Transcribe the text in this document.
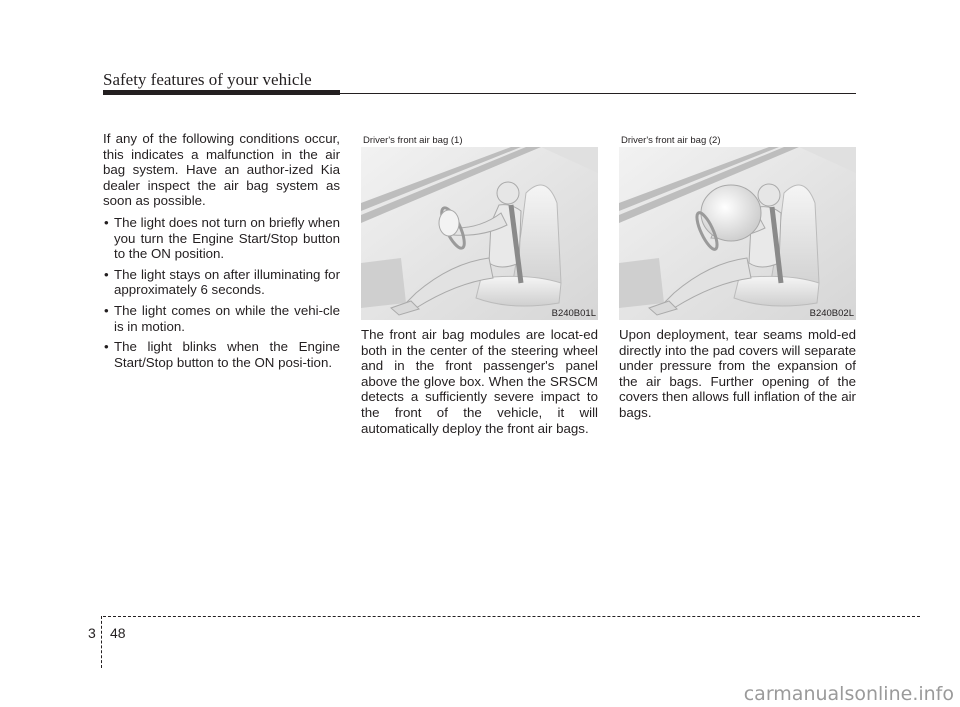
Safety features of your vehicle

If any of the following conditions occur, this indicates a malfunction in the air bag system. Have an author-ized Kia dealer inspect the air bag system as soon as possible.

• The light does not turn on briefly when you turn the Engine Start/Stop button to the ON position.
• The light stays on after illuminating for approximately 6 seconds.
• The light comes on while the vehi-cle is in motion.
• The light blinks when the Engine Start/Stop button to the ON posi-tion.
Driver's front air bag (1)
B240B01L
Driver's front air bag (2)
B240B02L

The front air bag modules are locat-ed both in the center of the steering wheel and in the front passenger's panel above the glove box. When the SRSCM detects a sufficiently severe impact to the front of the vehicle, it will automatically deploy the front air bags.

Upon deployment, tear seams mold-ed directly into the pad covers will separate under pressure from the expansion of the air bags. Further opening of the covers then allows full inflation of the air bags.

3 48
carmanualsonline.info
